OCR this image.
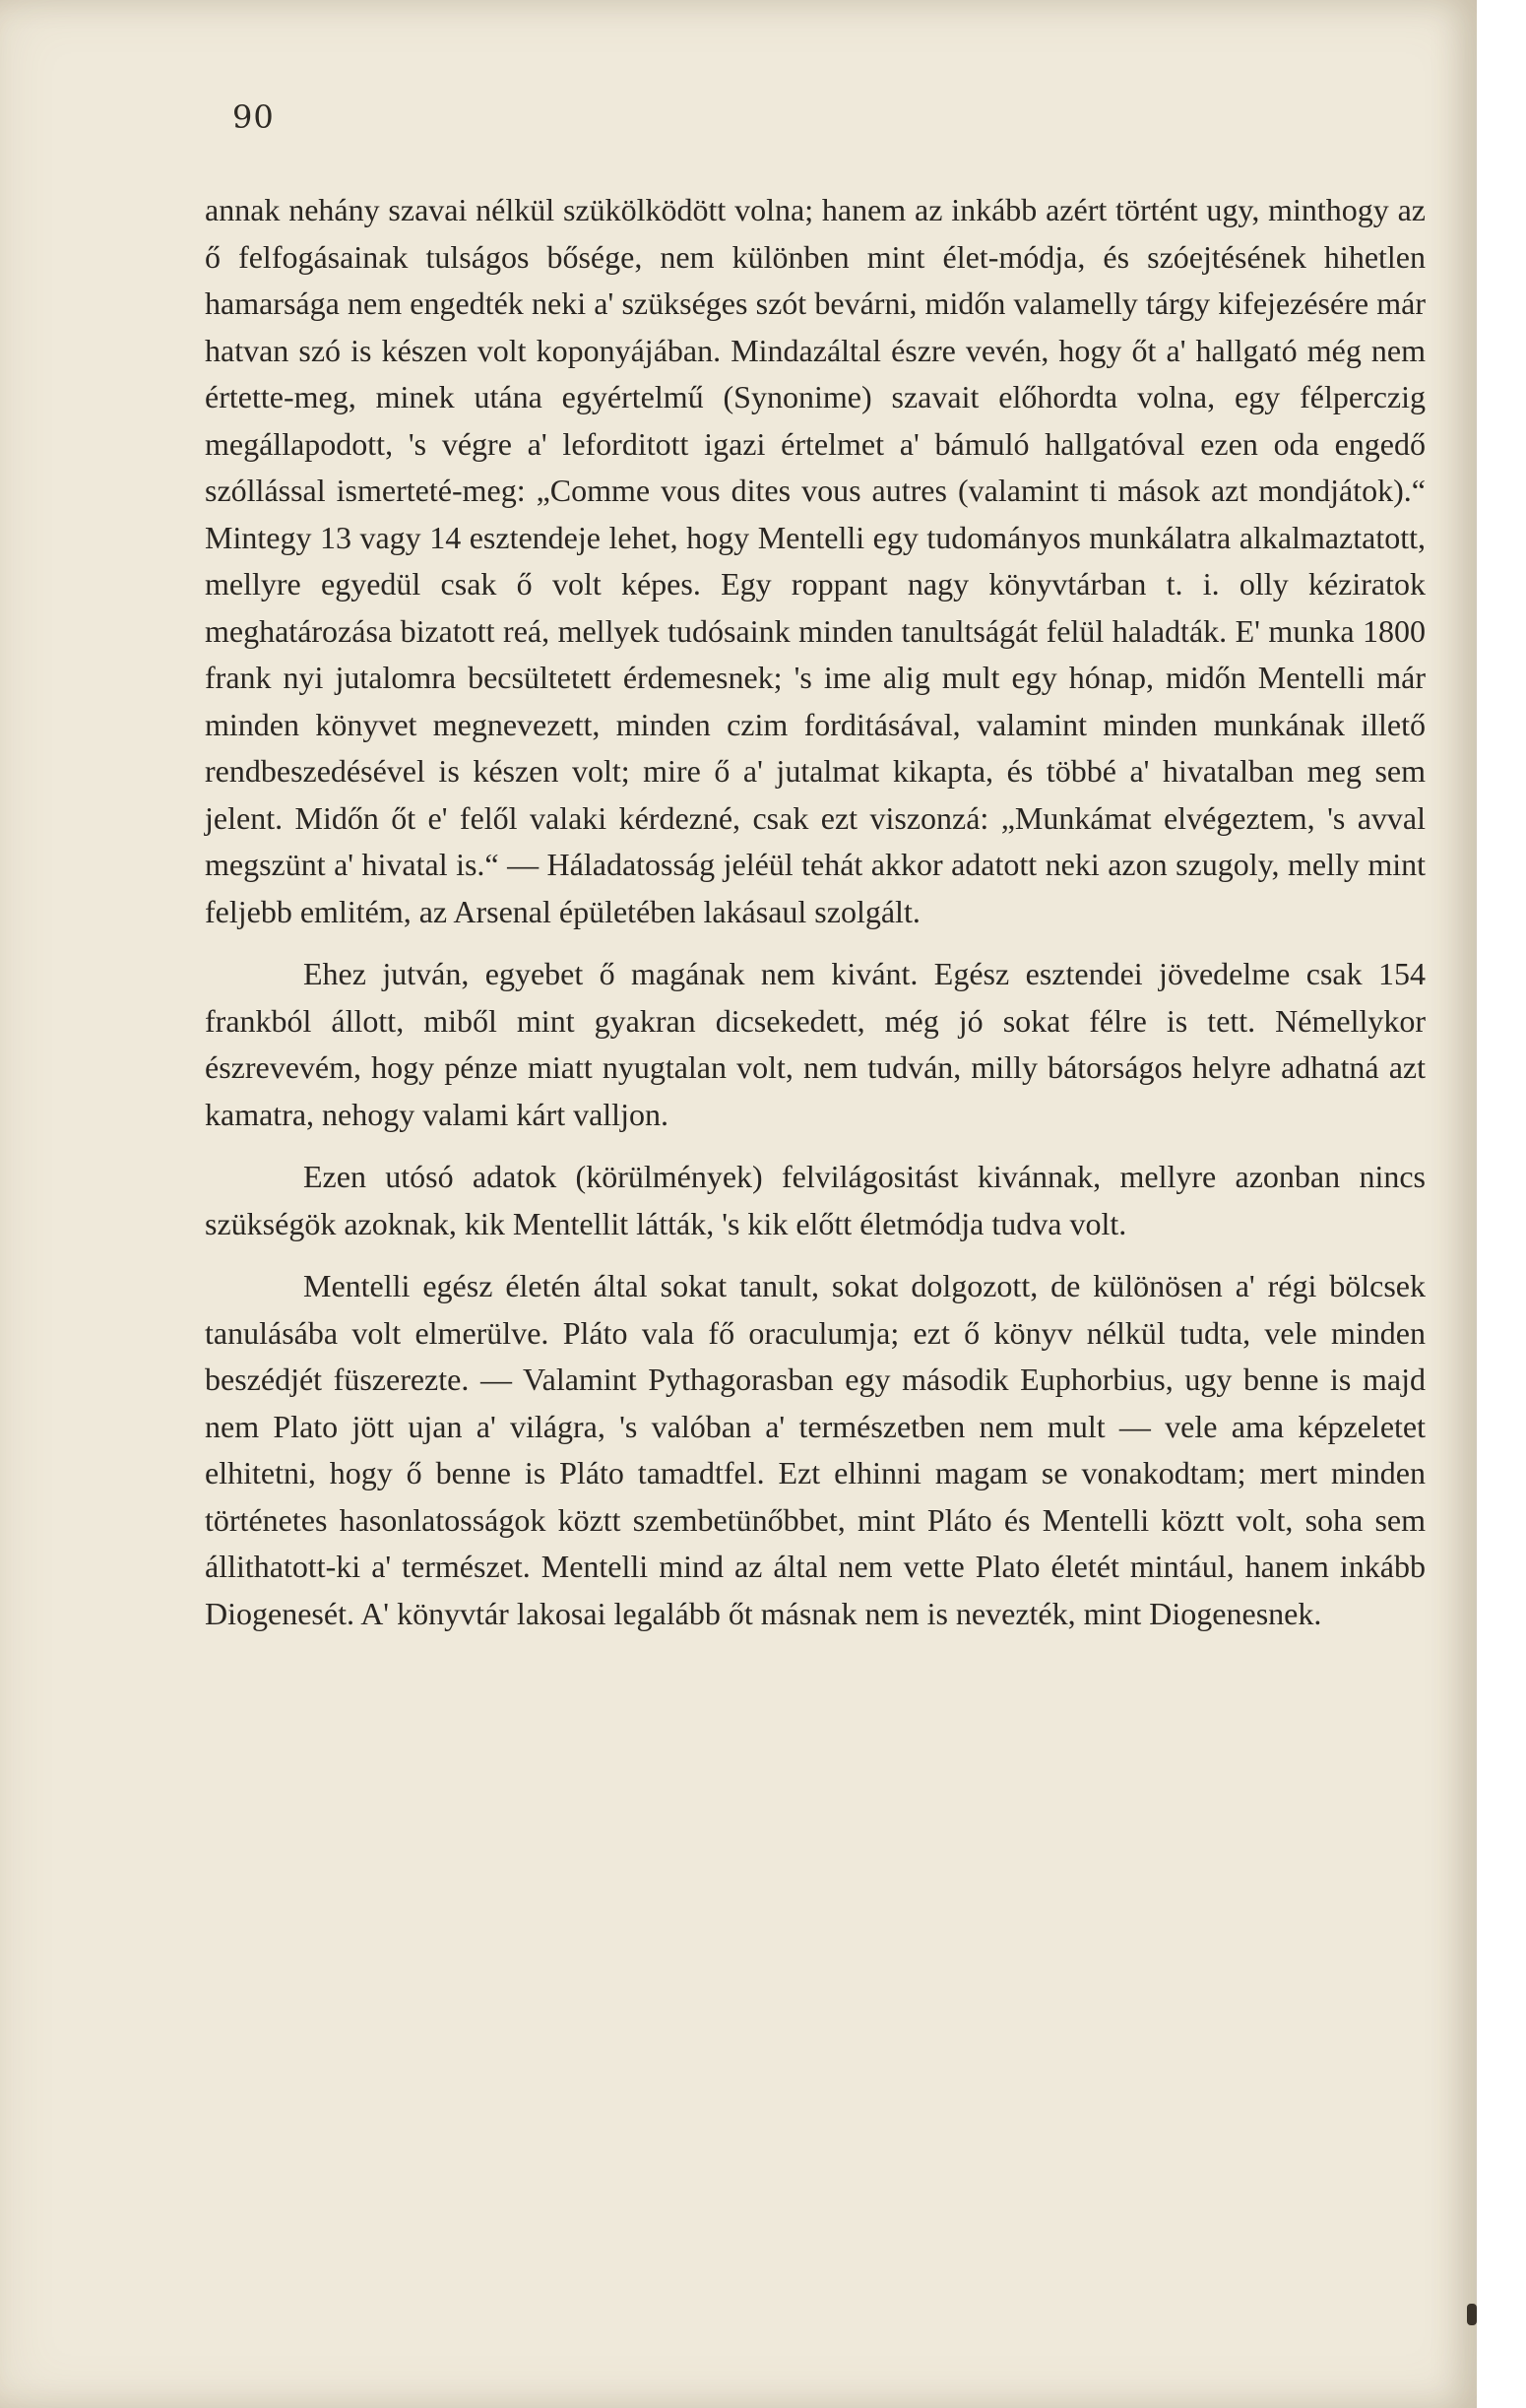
90

annak nehány szavai nélkül szükölködött volna; hanem az inkább azért történt ugy, minthogy az ő felfogásainak tulságos bősége, nem különben mint élet-módja, és szóejtésének hihetlen hamarsága nem engedték neki a' szükséges szót bevárni, midőn valamelly tárgy kifejezésére már hatvan szó is készen volt koponyájában. Mindazáltal észre vevén, hogy őt a' hallgató még nem értette-meg, minek utána egyértelmű (Synonime) szavait előhordta volna, egy félperczig megállapodott, 's végre a' leforditott igazi értelmet a' bámuló hallgatóval ezen oda engedő szóllással ismerteté-meg: „Comme vous dites vous autres (valamint ti mások azt mondjátok).“ Mintegy 13 vagy 14 esztendeje lehet, hogy Mentelli egy tudományos munkálatra alkalmaztatott, mellyre egyedül csak ő volt képes. Egy roppant nagy könyvtárban t. i. olly kéziratok meghatározása bizatott reá, mellyek tudósaink minden tanultságát felül haladták. E' munka 1800 frank nyi jutalomra becsültetett érdemesnek; 's ime alig mult egy hónap, midőn Mentelli már minden könyvet megnevezett, minden czim forditásával, valamint minden munkának illető rendbeszedésével is készen volt; mire ő a' jutalmat kikapta, és többé a' hivatalban meg sem jelent. Midőn őt e' felől valaki kérdezné, csak ezt viszonzá: „Munkámat elvégeztem, 's avval megszünt a' hivatal is.“ — Háladatosság jeléül tehát akkor adatott neki azon szugoly, melly mint feljebb emlitém, az Arsenal épületében lakásaul szolgált.

Ehez jutván, egyebet ő magának nem kivánt. Egész esztendei jövedelme csak 154 frankból állott, miből mint gyakran dicsekedett, még jó sokat félre is tett. Némellykor észrevevém, hogy pénze miatt nyugtalan volt, nem tudván, milly bátorságos helyre adhatná azt kamatra, nehogy valami kárt valljon.

Ezen utósó adatok (körülmények) felvilágositást kivánnak, mellyre azonban nincs szükségök azoknak, kik Mentellit látták, 's kik előtt életmódja tudva volt.

Mentelli egész életén által sokat tanult, sokat dolgozott, de különösen a' régi bölcsek tanulásába volt elmerülve. Pláto vala fő oraculumja; ezt ő könyv nélkül tudta, vele minden beszédjét füszerezte. — Valamint Pythagorasban egy második Euphorbius, ugy benne is majd nem Plato jött ujan a' világra, 's valóban a' természetben nem mult — vele ama képzeletet elhitetni, hogy ő benne is Pláto tamadtfel. Ezt elhinni magam se vonakodtam; mert minden történetes hasonlatosságok köztt szembetünőbbet, mint Pláto és Mentelli köztt volt, soha sem állithatott-ki a' természet. Mentelli mind az által nem vette Plato életét mintául, hanem inkább Diogenesét. A' könyvtár lakosai legalább őt másnak nem is nevezték, mint Diogenesnek.
